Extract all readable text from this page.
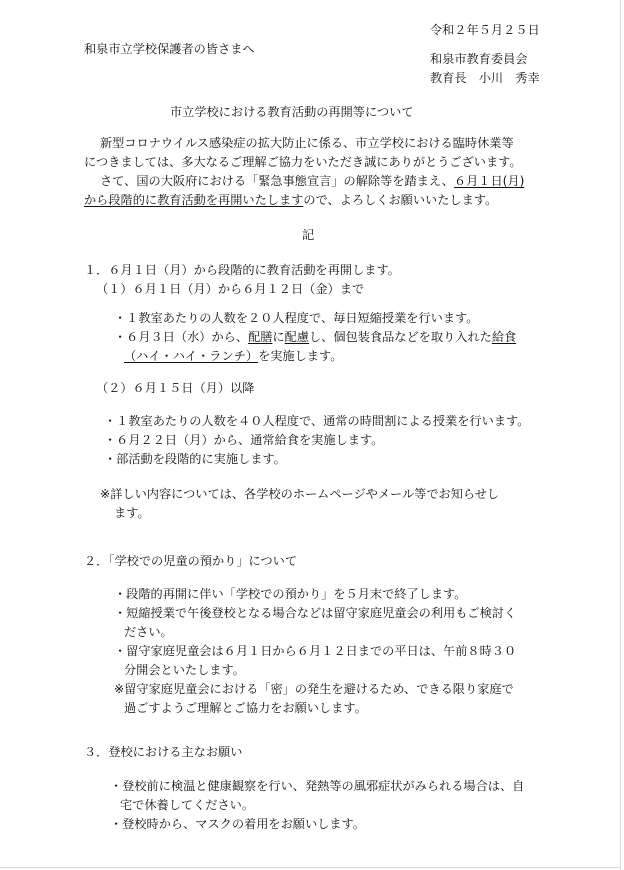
令和２年５月２５日
和泉市立学校保護者の皆さまへ
和泉市教育委員会
教育長　小川　秀幸
市立学校における教育活動の再開等について
新型コロナウイルス感染症の拡大防止に係る、市立学校における臨時休業等
につきましては、多大なるご理解ご協力をいただき誠にありがとうございます。
さて、国の大阪府における「緊急事態宣言」の解除等を踏まえ、６月１日(月)
から段階的に教育活動を再開いたしますので、よろしくお願いいたします。
記
１．６月１日（月）から段階的に教育活動を再開します。
（１）６月１日（月）から６月１２日（金）まで
・１教室あたりの人数を２０人程度で、毎日短縮授業を行います。
・６月３日（水）から、配膳に配慮し、個包装食品などを取り入れた給食
（ハイ・ハイ・ランチ）を実施します。
（２）６月１５日（月）以降
・１教室あたりの人数を４０人程度で、通常の時間割による授業を行います。
・６月２２日（月）から、通常給食を実施します。
・部活動を段階的に実施します。
※詳しい内容については、各学校のホームページやメール等でお知らせし
ます。
２．「学校での児童の預かり」について
・段階的再開に伴い「学校での預かり」を５月末で終了します。
・短縮授業で午後登校となる場合などは留守家庭児童会の利用もご検討く
ださい。
・留守家庭児童会は６月１日から６月１２日までの平日は、午前８時３０
分開会といたします。
※留守家庭児童会における「密」の発生を避けるため、できる限り家庭で
過ごすようご理解とご協力をお願いします。
３．登校における主なお願い
・登校前に検温と健康観察を行い、発熱等の風邪症状がみられる場合は、自
宅で休養してください。
・登校時から、マスクの着用をお願いします。
